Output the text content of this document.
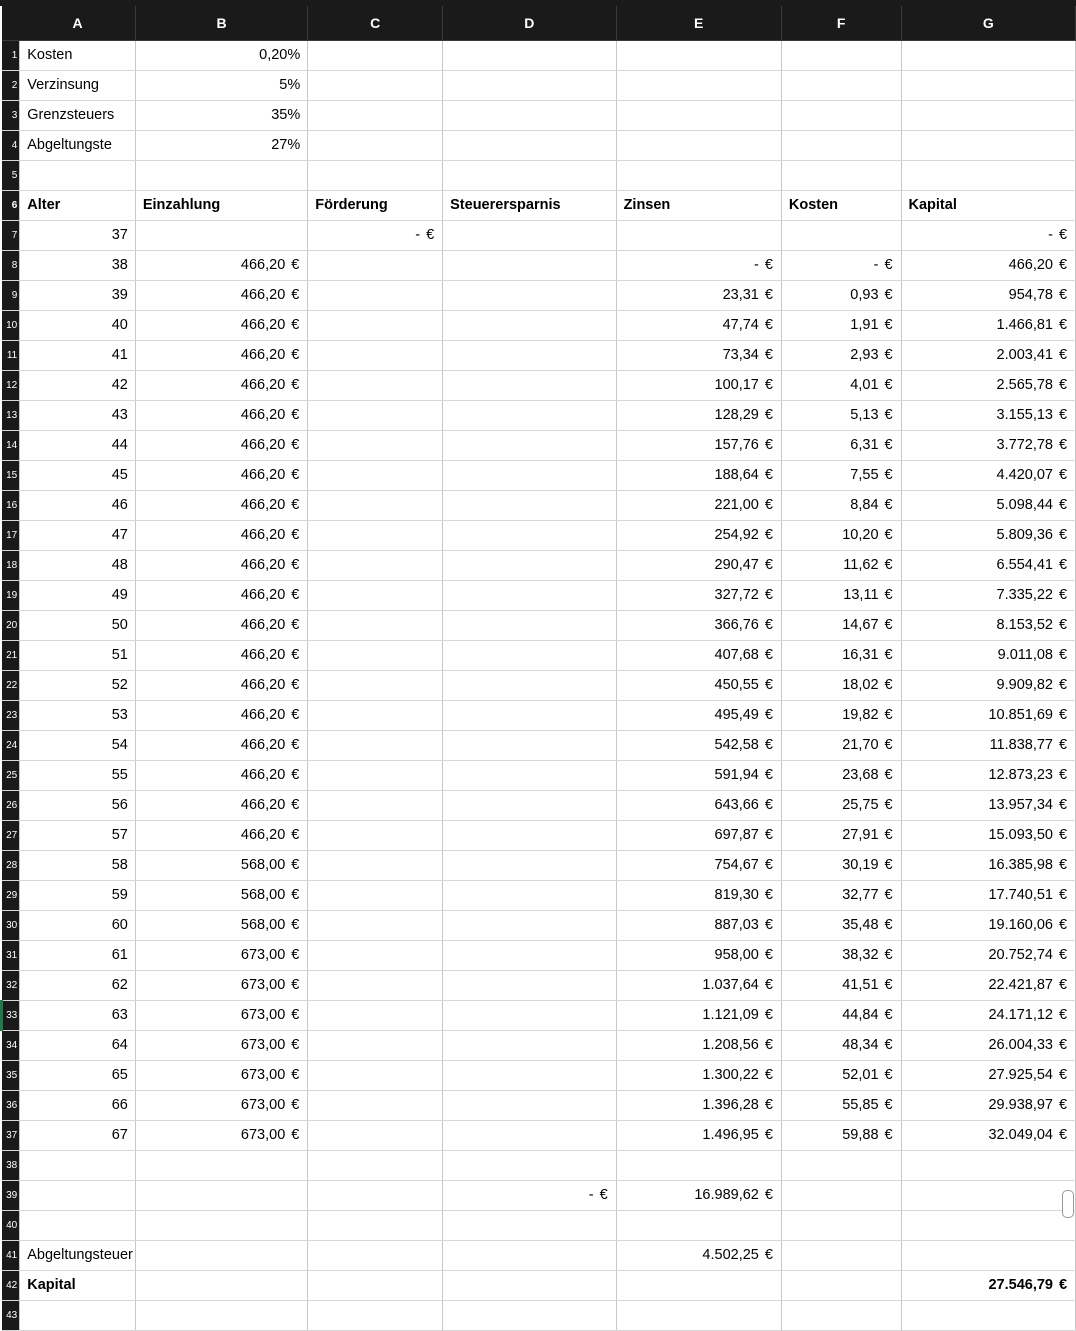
	A	B	C	D	E	F	G
1	Kosten	0,20%					
2	Verzinsung	5%					
3	Grenzsteuers	35%					
4	Abgeltungste	27%					
5							
6	Alter	Einzahlung	Förderung	Steuerersparnis	Zinsen	Kosten	Kapital
7	37		- €				- €

8	38	466,20 €			- €	- €	466,20 €

9	39	466,20 €			23,31 €	0,93 €	954,78 €

10	40	466,20 €			47,74 €	1,91 €	1.466,81 €

11	41	466,20 €			73,34 €	2,93 €	2.003,41 €

12	42	466,20 €			100,17 €	4,01 €	2.565,78 €

13	43	466,20 €			128,29 €	5,13 €	3.155,13 €

14	44	466,20 €			157,76 €	6,31 €	3.772,78 €

15	45	466,20 €			188,64 €	7,55 €	4.420,07 €

16	46	466,20 €			221,00 €	8,84 €	5.098,44 €

17	47	466,20 €			254,92 €	10,20 €	5.809,36 €

18	48	466,20 €			290,47 €	11,62 €	6.554,41 €

19	49	466,20 €			327,72 €	13,11 €	7.335,22 €

20	50	466,20 €			366,76 €	14,67 €	8.153,52 €

21	51	466,20 €			407,68 €	16,31 €	9.011,08 €

22	52	466,20 €			450,55 €	18,02 €	9.909,82 €

23	53	466,20 €			495,49 €	19,82 €	10.851,69 €

24	54	466,20 €			542,58 €	21,70 €	11.838,77 €

25	55	466,20 €			591,94 €	23,68 €	12.873,23 €

26	56	466,20 €			643,66 €	25,75 €	13.957,34 €

27	57	466,20 €			697,87 €	27,91 €	15.093,50 €

28	58	568,00 €			754,67 €	30,19 €	16.385,98 €

29	59	568,00 €			819,30 €	32,77 €	17.740,51 €

30	60	568,00 €			887,03 €	35,48 €	19.160,06 €

31	61	673,00 €			958,00 €	38,32 €	20.752,74 €

32	62	673,00 €			1.037,64 €	41,51 €	22.421,87 €

33	63	673,00 €			1.121,09 €	44,84 €	24.171,12 €

34	64	673,00 €			1.208,56 €	48,34 €	26.004,33 €

35	65	673,00 €			1.300,22 €	52,01 €	27.925,54 €

36	66	673,00 €			1.396,28 €	55,85 €	29.938,97 €

37	67	673,00 €			1.496,95 €	59,88 €	32.049,04 €

38							
39				- €	16.989,62 €		

40							
41	Abgeltungsteuer				4.502,25 €		

42	Kapital						27.546,79 €

43							
